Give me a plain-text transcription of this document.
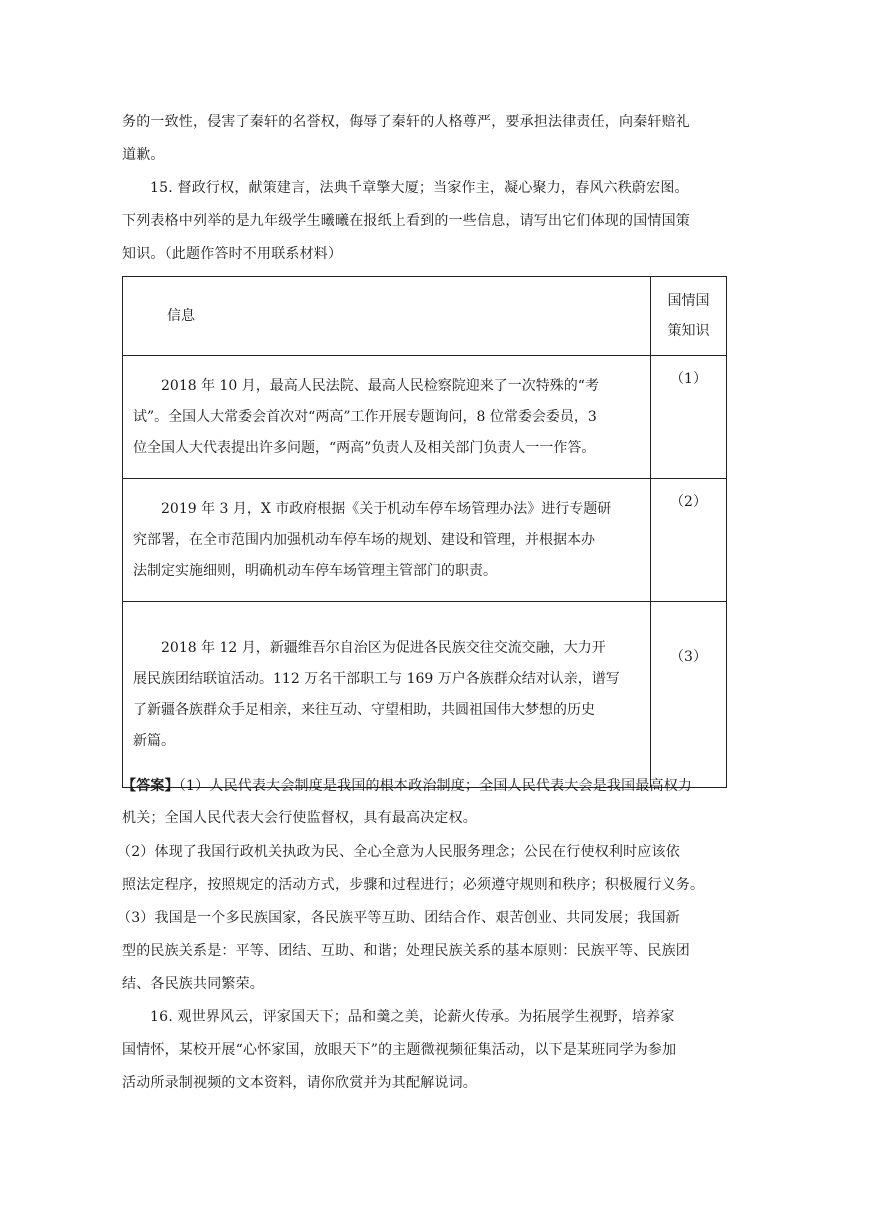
务的一致性，侵害了秦轩的名誉权，侮辱了秦轩的人格尊严，要承担法律责任，向秦轩赔礼
道歉。
15. 督政行权，献策建言，法典千章擎大厦；当家作主，凝心聚力，春风六秩蔚宏图。
下列表格中列举的是九年级学生曦曦在报纸上看到的一些信息，请写出它们体现的国情国策
知识。（此题作答时不用联系材料）
信息	国情国
策知识

2018 年 10 月，最高人民法院、最高人民检察院迎来了一次特殊的“考

试”。全国人大常委会首次对“两高”工作开展专题询问，8 位常委会委员，3

位全国人大代表提出许多问题，“两高”负责人及相关部门负责人一一作答。	（1）

2019 年 3 月，X 市政府根据《关于机动车停车场管理办法》进行专题研

究部署，在全市范围内加强机动车停车场的规划、建设和管理，并根据本办

法制定实施细则，明确机动车停车场管理主管部门的职责。	（2）

2018 年 12 月，新疆维吾尔自治区为促进各民族交往交流交融，大力开

展民族团结联谊活动。112 万名干部职工与 169 万户各族群众结对认亲，谱写

了新疆各族群众手足相亲，来往互动、守望相助，共圆祖国伟大梦想的历史

新篇。	（3）
【答案】（1）人民代表大会制度是我国的根本政治制度；全国人民代表大会是我国最高权力
机关；全国人民代表大会行使监督权，具有最高决定权。
（2）体现了我国行政机关执政为民、全心全意为人民服务理念；公民在行使权利时应该依
照法定程序，按照规定的活动方式，步骤和过程进行；必须遵守规则和秩序；积极履行义务。
（3）我国是一个多民族国家，各民族平等互助、团结合作、艰苦创业、共同发展；我国新
型的民族关系是：平等、团结、互助、和谐；处理民族关系的基本原则：民族平等、民族团
结、各民族共同繁荣。
16. 观世界风云，评家国天下；品和羹之美，论薪火传承。为拓展学生视野，培养家
国情怀，某校开展“心怀家国，放眼天下”的主题微视频征集活动，以下是某班同学为参加
活动所录制视频的文本资料，请你欣赏并为其配解说词。
